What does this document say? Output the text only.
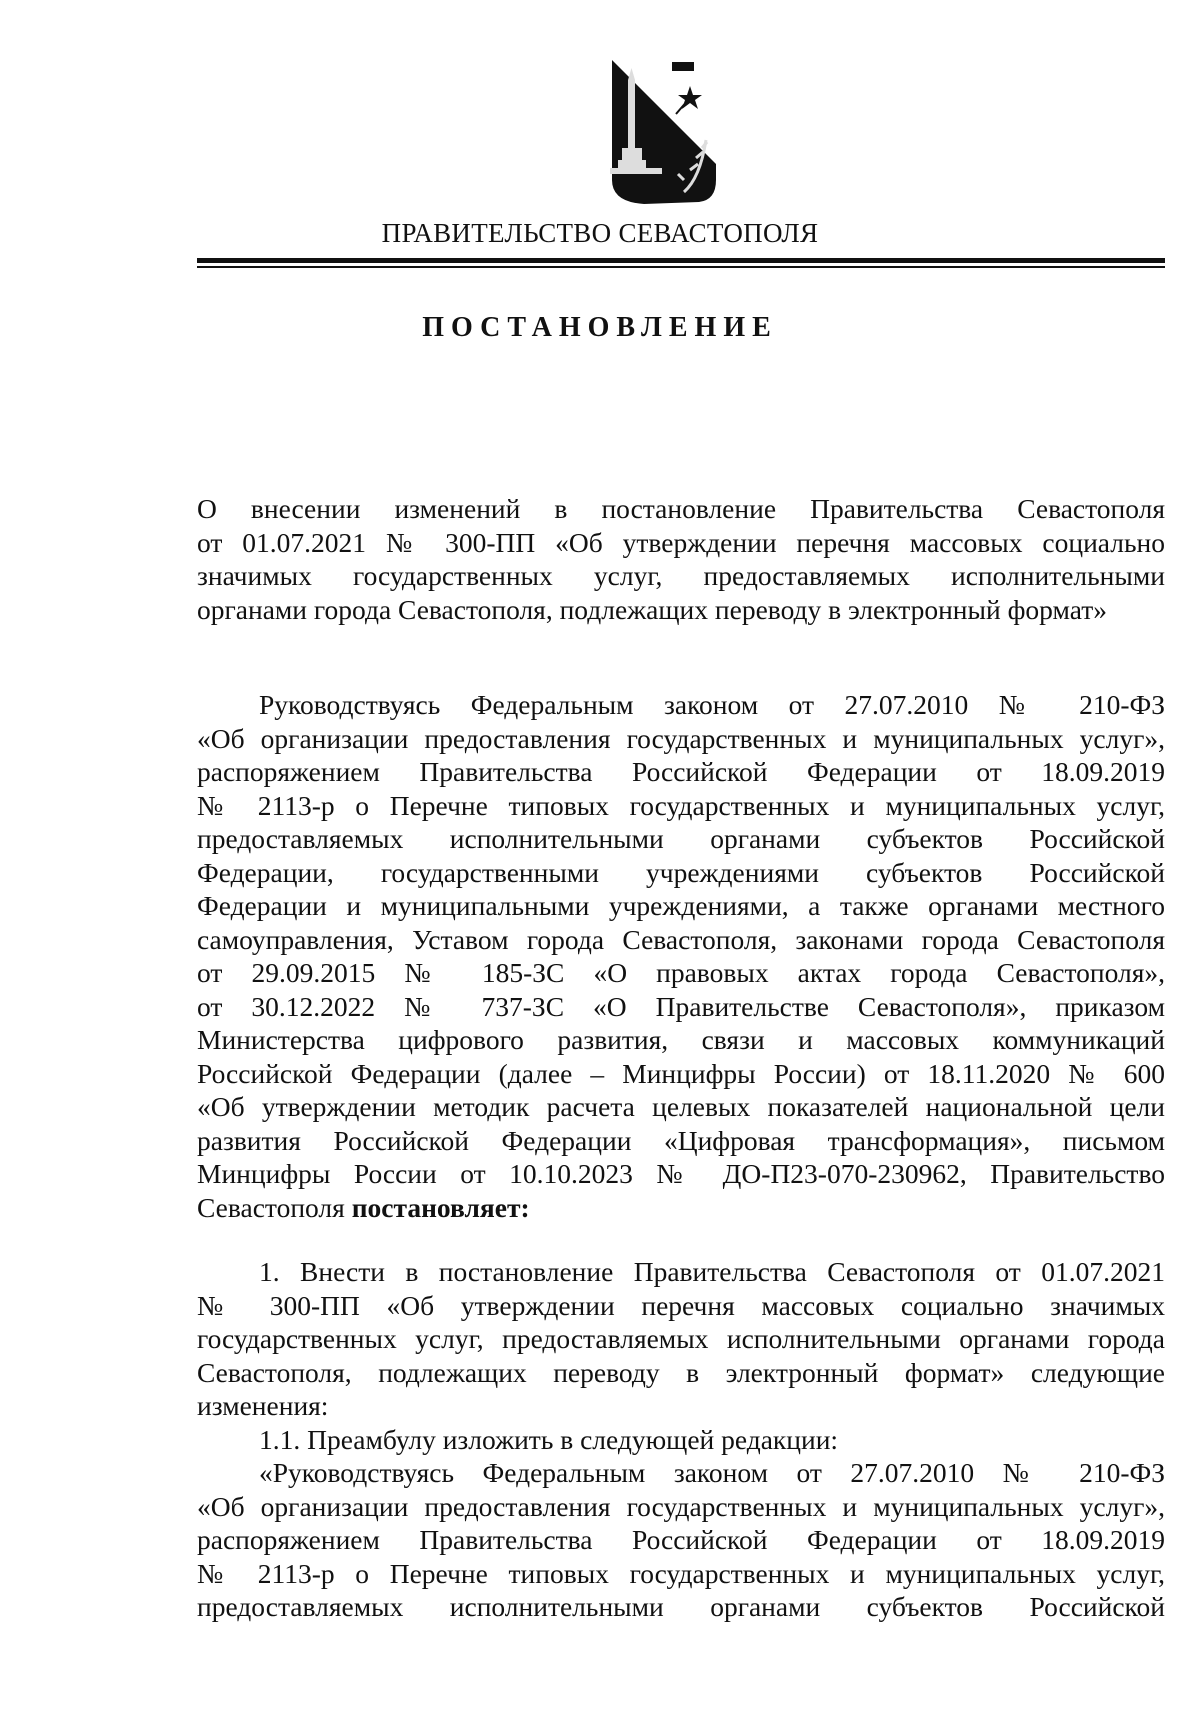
ПРАВИТЕЛЬСТВО СЕВАСТОПОЛЯ
ПОСТАНОВЛЕНИЕ

О внесении изменений в постановление Правительства Севастополя

от 01.07.2021 № 300-ПП «Об утверждении перечня массовых социально

значимых государственных услуг, предоставляемых исполнительными

органами города Севастополя, подлежащих переводу в электронный формат»

Руководствуясь Федеральным законом от 27.07.2010 № 210-ФЗ

«Об организации предоставления государственных и муниципальных услуг»,

распоряжением Правительства Российской Федерации от 18.09.2019

№ 2113-р о Перечне типовых государственных и муниципальных услуг,

предоставляемых исполнительными органами субъектов Российской

Федерации, государственными учреждениями субъектов Российской

Федерации и муниципальными учреждениями, а также органами местного

самоуправления, Уставом города Севастополя, законами города Севастополя

от 29.09.2015 № 185-ЗС «О правовых актах города Севастополя»,

от 30.12.2022 № 737-ЗС «О Правительстве Севастополя», приказом

Министерства цифрового развития, связи и массовых коммуникаций

Российской Федерации (далее – Минцифры России) от 18.11.2020 № 600

«Об утверждении методик расчета целевых показателей национальной цели

развития Российской Федерации «Цифровая трансформация», письмом

Минцифры России от 10.10.2023 № ДО-П23-070-230962, Правительство

Севастополя постановляет:

1. Внести в постановление Правительства Севастополя от 01.07.2021

№ 300-ПП «Об утверждении перечня массовых социально значимых

государственных услуг, предоставляемых исполнительными органами города

Севастополя, подлежащих переводу в электронный формат» следующие

изменения:

1.1. Преамбулу изложить в следующей редакции:

«Руководствуясь Федеральным законом от 27.07.2010 № 210-ФЗ

«Об организации предоставления государственных и муниципальных услуг»,

распоряжением Правительства Российской Федерации от 18.09.2019

№ 2113-р о Перечне типовых государственных и муниципальных услуг,

предоставляемых исполнительными органами субъектов Российской
